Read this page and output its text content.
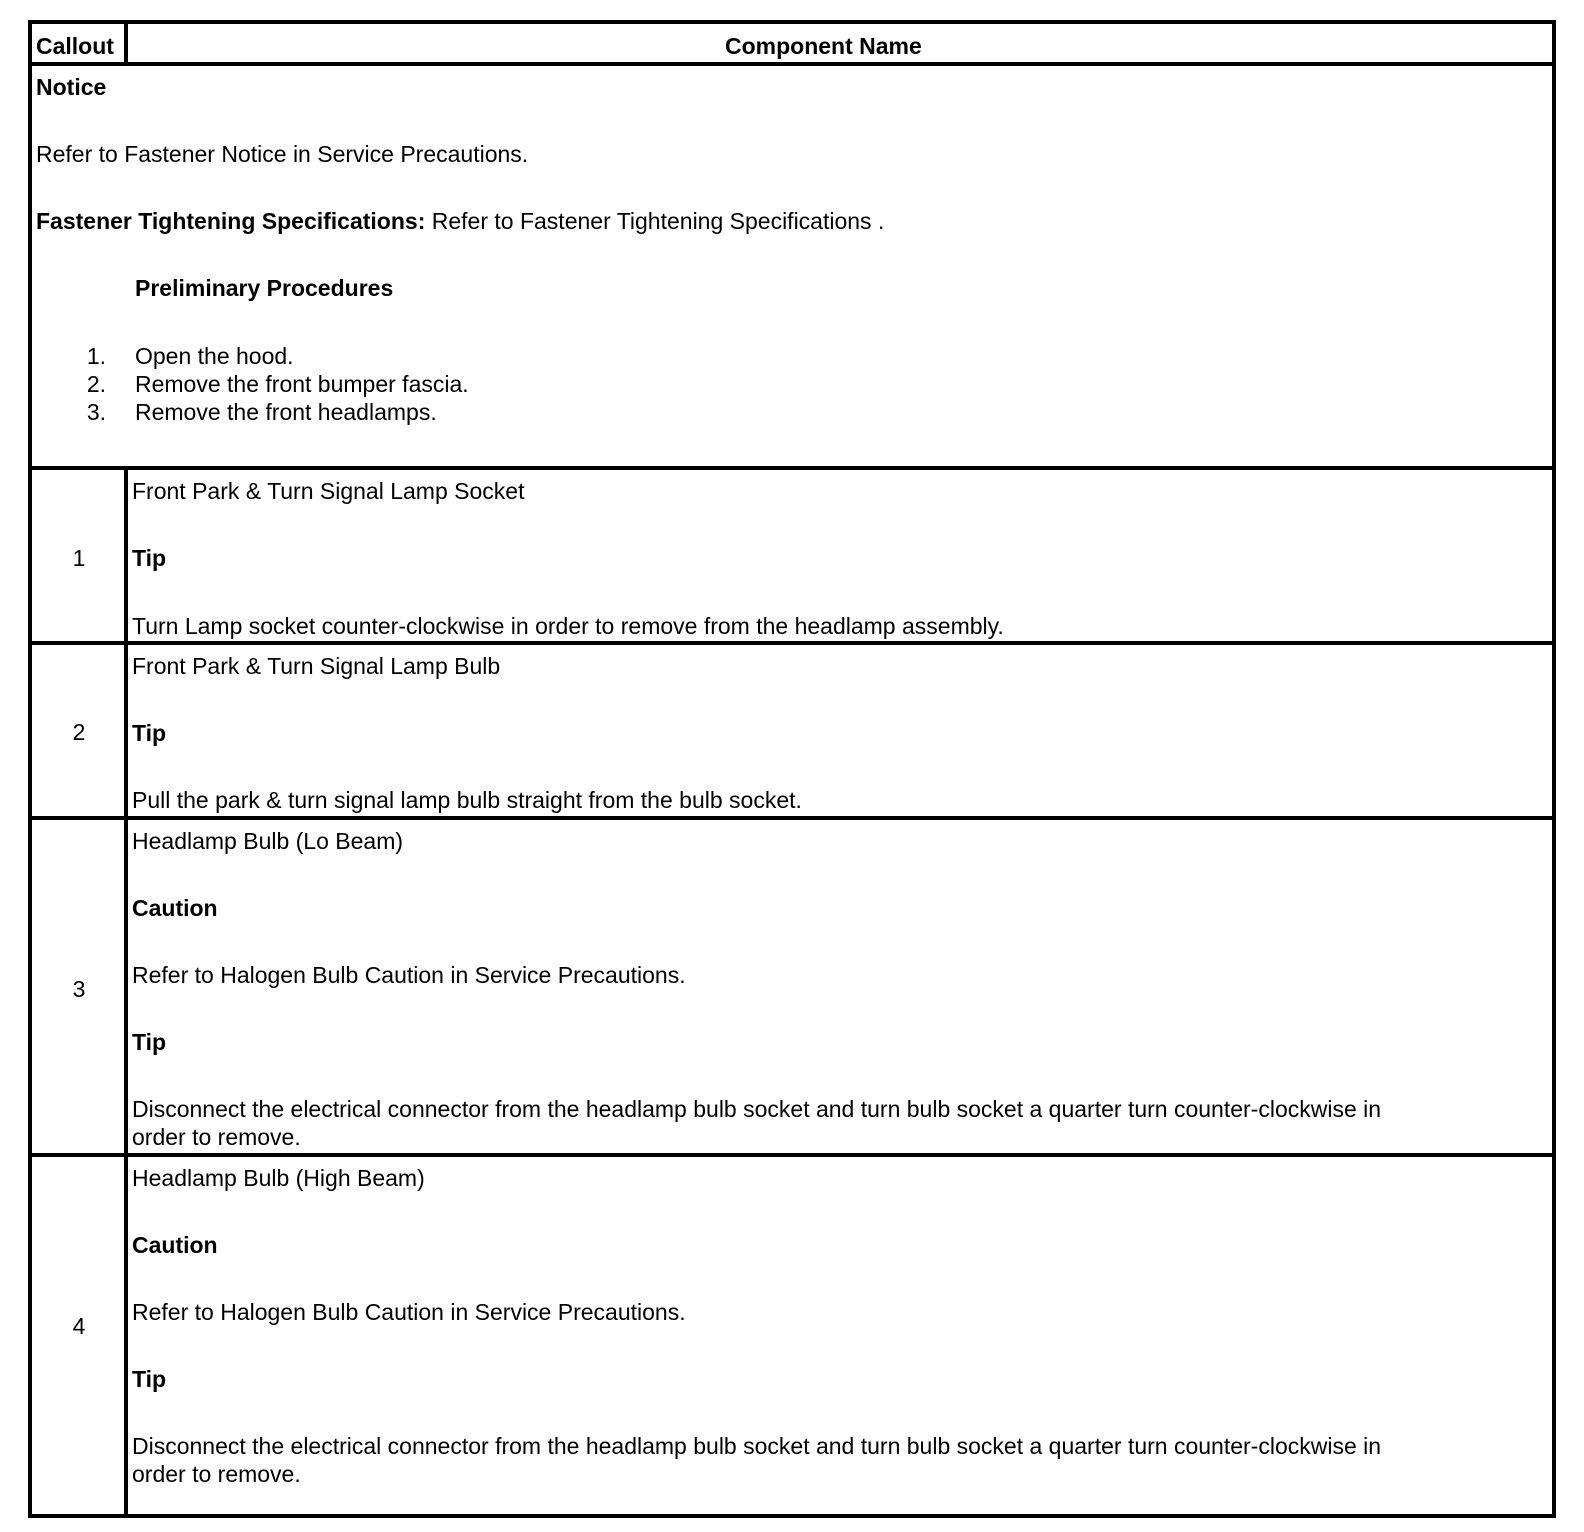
Callout	Component Name
Notice
Refer to Fastener Notice in Service Precautions.
Fastener Tightening Specifications: Refer to Fastener Tightening Specifications .
Preliminary Procedures
1. Open the hood.
2. Remove the front bumper fascia.
3. Remove the front headlamps.
1
Front Park & Turn Signal Lamp Socket
Tip
Turn Lamp socket counter-clockwise in order to remove from the headlamp assembly.
2
Front Park & Turn Signal Lamp Bulb
Tip
Pull the park & turn signal lamp bulb straight from the bulb socket.
3
Headlamp Bulb (Lo Beam)
Caution
Refer to Halogen Bulb Caution in Service Precautions.
Tip
Disconnect the electrical connector from the headlamp bulb socket and turn bulb socket a quarter turn counter-clockwise in
order to remove.
4
Headlamp Bulb (High Beam)
Caution
Refer to Halogen Bulb Caution in Service Precautions.
Tip
Disconnect the electrical connector from the headlamp bulb socket and turn bulb socket a quarter turn counter-clockwise in
order to remove.
